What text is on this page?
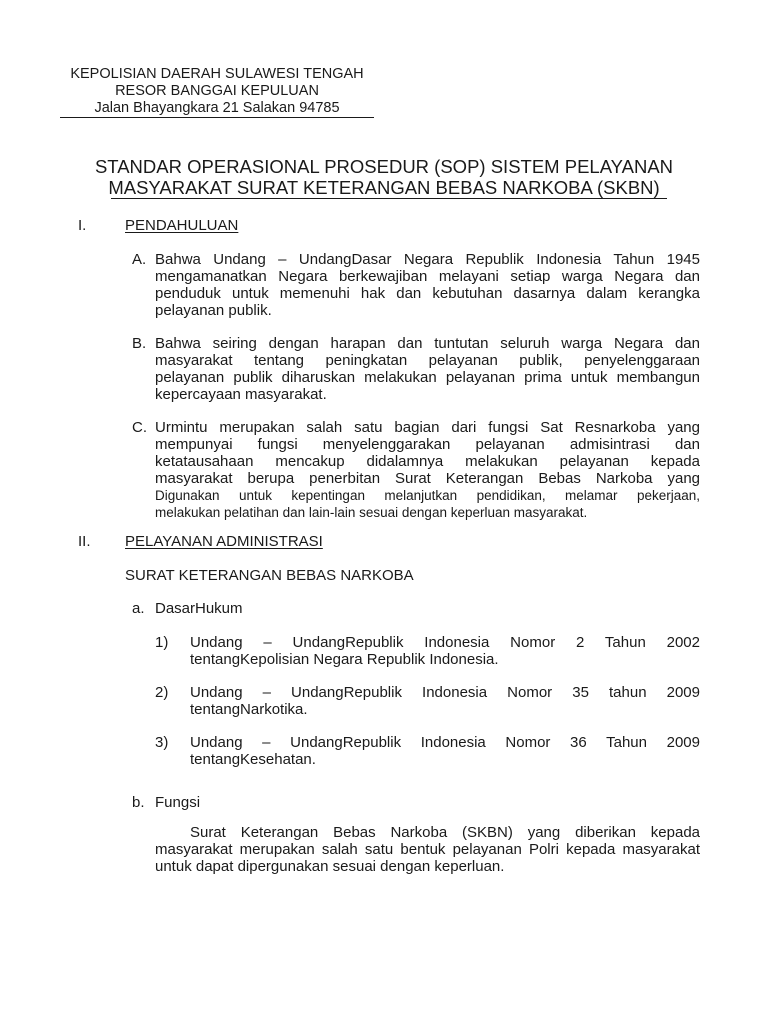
KEPOLISIAN DAERAH SULAWESI TENGAH
RESOR BANGGAI KEPULUAN
Jalan Bhayangkara 21 Salakan 94785
STANDAR OPERASIONAL PROSEDUR (SOP) SISTEM PELAYANAN
MASYARAKAT SURAT KETERANGAN BEBAS NARKOBA (SKBN)
I.	PENDAHULUAN
A. Bahwa Undang – UndangDasar Negara Republik Indonesia Tahun 1945
mengamanatkan Negara berkewajiban melayani setiap warga Negara dan
penduduk untuk memenuhi hak dan kebutuhan dasarnya dalam kerangka
pelayanan publik.
B. Bahwa seiring dengan harapan dan tuntutan seluruh warga Negara dan
masyarakat tentang peningkatan pelayanan publik, penyelenggaraan
pelayanan publik diharuskan melakukan pelayanan prima untuk membangun
kepercayaan masyarakat.
C. Urmintu merupakan salah satu bagian dari fungsi Sat Resnarkoba yang
mempunyai fungsi menyelenggarakan pelayanan admisintrasi dan
ketatausahaan mencakup didalamnya melakukan pelayanan kepada
masyarakat berupa penerbitan Surat Keterangan Bebas Narkoba yang
Digunakan untuk kepentingan melanjutkan pendidikan, melamar pekerjaan,
melakukan pelatihan dan lain-lain sesuai dengan keperluan masyarakat.
II. PELAYANAN ADMINISTRASI
SURAT KETERANGAN BEBAS NARKOBA
a. DasarHukum
1) Undang – UndangRepublik Indonesia Nomor 2 Tahun 2002
tentangKepolisian Negara Republik Indonesia.
2) Undang – UndangRepublik Indonesia Nomor 35 tahun 2009
tentangNarkotika.
3) Undang – UndangRepublik Indonesia Nomor 36 Tahun 2009
tentangKesehatan.
b. Fungsi
Surat Keterangan Bebas Narkoba (SKBN) yang diberikan kepada
masyarakat merupakan salah satu bentuk pelayanan Polri kepada masyarakat
untuk dapat dipergunakan sesuai dengan keperluan.
